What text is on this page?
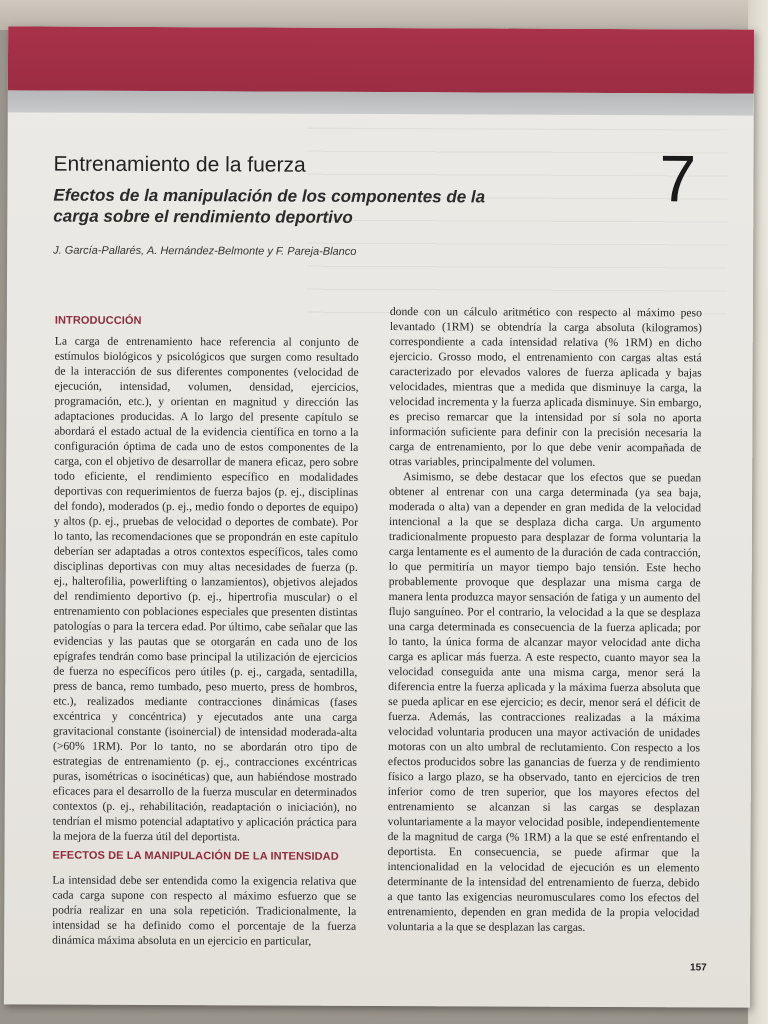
7
Entrenamiento de la fuerza
Efectos de la manipulación de los componentes de la carga sobre el rendimiento deportivo
J. García-Pallarés, A. Hernández-Belmonte y F. Pareja-Blanco
INTRODUCCIÓN

La carga de entrenamiento hace referencia al conjunto de estímulos biológicos y psicológicos que surgen como resultado de la interacción de sus diferentes componentes (velocidad de ejecución, intensidad, volumen, densidad, ejercicios, programación, etc.), y orientan en magnitud y dirección las adaptaciones producidas. A lo largo del presente capítulo se abordará el estado actual de la evidencia científica en torno a la configuración óptima de cada uno de estos componentes de la carga, con el objetivo de desarrollar de manera eficaz, pero sobre todo eficiente, el rendimiento específico en modalidades deportivas con requerimientos de fuerza bajos (p. ej., disciplinas del fondo), moderados (p. ej., medio fondo o deportes de equipo) y altos (p. ej., pruebas de velocidad o deportes de combate). Por lo tanto, las recomendaciones que se propondrán en este capítulo deberían ser adaptadas a otros contextos específicos, tales como disciplinas deportivas con muy altas necesidades de fuerza (p. ej., halterofilia, powerlifting o lanzamientos), objetivos alejados del rendimiento deportivo (p. ej., hipertrofia muscular) o el entrenamiento con poblaciones especiales que presenten distintas patologías o para la tercera edad. Por último, cabe señalar que las evidencias y las pautas que se otorgarán en cada uno de los epígrafes tendrán como base principal la utilización de ejercicios de fuerza no específicos pero útiles (p. ej., cargada, sentadilla, press de banca, remo tumbado, peso muerto, press de hombros, etc.), realizados mediante contracciones dinámicas (fases excéntrica y concéntrica) y ejecutados ante una carga gravitacional constante (isoinercial) de intensidad moderada-alta (>60% 1RM). Por lo tanto, no se abordarán otro tipo de estrategias de entrenamiento (p. ej., contracciones excéntricas puras, isométricas o isocinéticas) que, aun habiéndose mostrado eficaces para el desarrollo de la fuerza muscular en determinados contextos (p. ej., rehabilitación, readaptación o iniciación), no tendrían el mismo potencial adaptativo y aplicación práctica para la mejora de la fuerza útil del deportista.

EFECTOS DE LA MANIPULACIÓN DE LA INTENSIDAD

La intensidad debe ser entendida como la exigencia relativa que cada carga supone con respecto al máximo esfuerzo que se podría realizar en una sola repetición. Tradicionalmente, la intensidad se ha definido como el porcentaje de la fuerza dinámica máxima absoluta en un ejercicio en particular,

donde con un cálculo aritmético con respecto al máximo peso levantado (1RM) se obtendría la carga absoluta (kilogramos) correspondiente a cada intensidad relativa (% 1RM) en dicho ejercicio. Grosso modo, el entrenamiento con cargas altas está caracterizado por elevados valores de fuerza aplicada y bajas velocidades, mientras que a medida que disminuye la carga, la velocidad incrementa y la fuerza aplicada disminuye. Sin embargo, es preciso remarcar que la intensidad por sí sola no aporta información suficiente para definir con la precisión necesaria la carga de entrenamiento, por lo que debe venir acompañada de otras variables, principalmente del volumen.

Asimismo, se debe destacar que los efectos que se puedan obtener al entrenar con una carga determinada (ya sea baja, moderada o alta) van a depender en gran medida de la velocidad intencional a la que se desplaza dicha carga. Un argumento tradicionalmente propuesto para desplazar de forma voluntaria la carga lentamente es el aumento de la duración de cada contracción, lo que permitiría un mayor tiempo bajo tensión. Este hecho probablemente provoque que desplazar una misma carga de manera lenta produzca mayor sensación de fatiga y un aumento del flujo sanguíneo. Por el contrario, la velocidad a la que se desplaza una carga determinada es consecuencia de la fuerza aplicada; por lo tanto, la única forma de alcanzar mayor velocidad ante dicha carga es aplicar más fuerza. A este respecto, cuanto mayor sea la velocidad conseguida ante una misma carga, menor será la diferencia entre la fuerza aplicada y la máxima fuerza absoluta que se pueda aplicar en ese ejercicio; es decir, menor será el déficit de fuerza. Además, las contracciones realizadas a la máxima velocidad voluntaria producen una mayor activación de unidades motoras con un alto umbral de reclutamiento. Con respecto a los efectos producidos sobre las ganancias de fuerza y de rendimiento físico a largo plazo, se ha observado, tanto en ejercicios de tren inferior como de tren superior, que los mayores efectos del entrenamiento se alcanzan si las cargas se desplazan voluntariamente a la mayor velocidad posible, independientemente de la magnitud de carga (% 1RM) a la que se esté enfrentando el deportista. En consecuencia, se puede afirmar que la intencionalidad en la velocidad de ejecución es un elemento determinante de la intensidad del entrenamiento de fuerza, debido a que tanto las exigencias neuromusculares como los efectos del entrenamiento, dependen en gran medida de la propia velocidad voluntaria a la que se desplazan las cargas.

157
